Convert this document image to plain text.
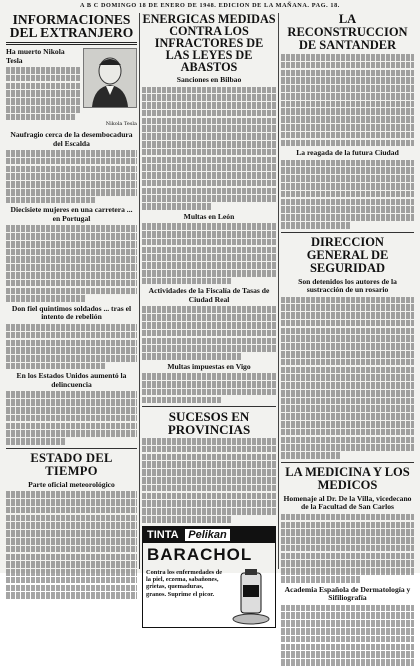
A B C DOMINGO 18 DE ENERO DE 1948. EDICION DE LA MAÑANA. PAG. 18.
INFORMACIONES DEL EXTRANJERO
Ha muerto Nikola Tesla
Nikola Tesla
Naufragio cerca de la desembocadura del Escalda
Diecisiete mujeres en una carretera ... en Portugal
Don fiel quintimos soldados ... tras el intento de rebelión
En los Estados Unidos aumentó la delincuencia
ESTADO DEL TIEMPO
Parte oficial meteorológico
ENERGICAS MEDIDAS CONTRA LOS INFRACTORES DE LAS LEYES DE ABASTOS
Sanciones en Bilbao
Multas en León
Actividades de la Fiscalía de Tasas de Ciudad Real
Multas impuestas en Vigo
SUCESOS EN PROVINCIAS
TINTA Pelikan
BARACHOL
Contra los enfermedades de la piel, eczema, sabañones, grietas, quemaduras, granos. Suprime el picor.
LA RECONSTRUCCION DE SANTANDER
La reagada de la futura Ciudad
DIRECCION GENERAL DE SEGURIDAD
Son detenidos los autores de la sustracción de un rosario
LA MEDICINA Y LOS MEDICOS
Homenaje al Dr. De la Villa, vicedecano de la Facultad de San Carlos
Academia Española de Dermatología y Sifiliografía
